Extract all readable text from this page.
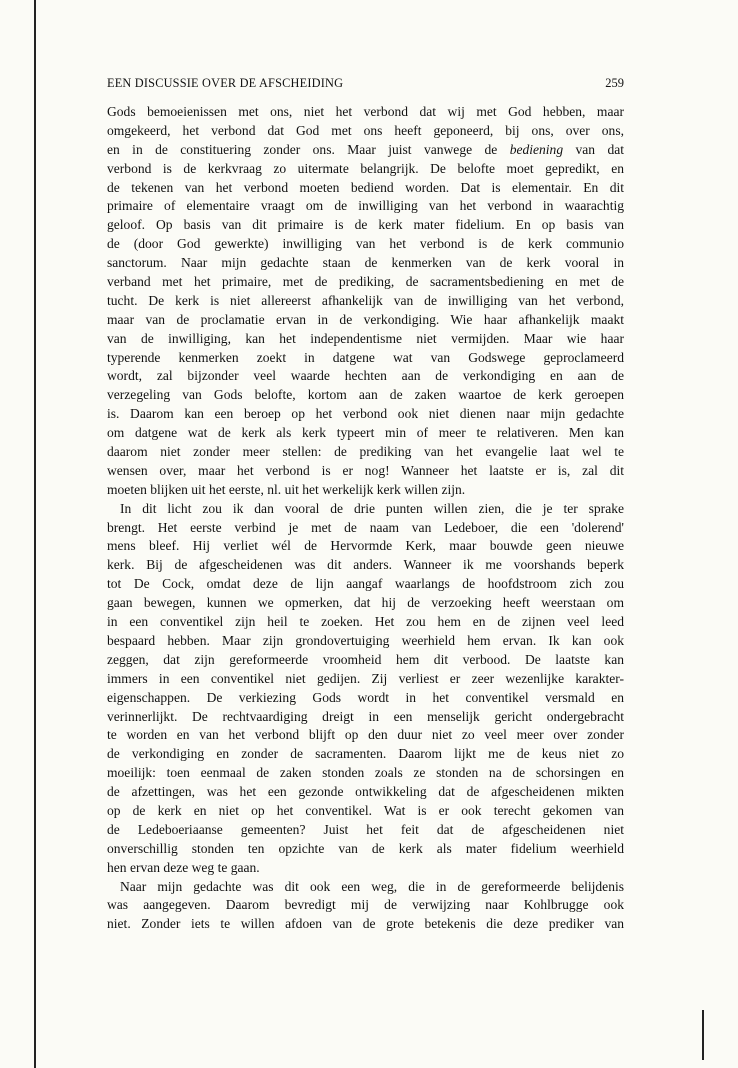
EEN DISCUSSIE OVER DE AFSCHEIDING	259
Gods bemoeienissen met ons, niet het verbond dat wij met God hebben, maar
omgekeerd, het verbond dat God met ons heeft geponeerd, bij ons, over ons,
en in de constituering zonder ons. Maar juist vanwege de bediening van dat
verbond is de kerkvraag zo uitermate belangrijk. De belofte moet gepredikt, en
de tekenen van het verbond moeten bediend worden. Dat is elementair. En dit
primaire of elementaire vraagt om de inwilliging van het verbond in waarachtig
geloof. Op basis van dit primaire is de kerk mater fidelium. En op basis van
de (door God gewerkte) inwilliging van het verbond is de kerk communio
sanctorum. Naar mijn gedachte staan de kenmerken van de kerk vooral in
verband met het primaire, met de prediking, de sacramentsbediening en met de
tucht. De kerk is niet allereerst afhankelijk van de inwilliging van het verbond,
maar van de proclamatie ervan in de verkondiging. Wie haar afhankelijk maakt
van de inwilliging, kan het independentisme niet vermijden. Maar wie haar
typerende kenmerken zoekt in datgene wat van Godswege geproclameerd
wordt, zal bijzonder veel waarde hechten aan de verkondiging en aan de
verzegeling van Gods belofte, kortom aan de zaken waartoe de kerk geroepen
is. Daarom kan een beroep op het verbond ook niet dienen naar mijn gedachte
om datgene wat de kerk als kerk typeert min of meer te relativeren. Men kan
daarom niet zonder meer stellen: de prediking van het evangelie laat wel te
wensen over, maar het verbond is er nog! Wanneer het laatste er is, zal dit
moeten blijken uit het eerste, nl. uit het werkelijk kerk willen zijn.
In dit licht zou ik dan vooral de drie punten willen zien, die je ter sprake
brengt. Het eerste verbind je met de naam van Ledeboer, die een 'dolerend'
mens bleef. Hij verliet wél de Hervormde Kerk, maar bouwde geen nieuwe
kerk. Bij de afgescheidenen was dit anders. Wanneer ik me voorshands beperk
tot De Cock, omdat deze de lijn aangaf waarlangs de hoofdstroom zich zou
gaan bewegen, kunnen we opmerken, dat hij de verzoeking heeft weerstaan om
in een conventikel zijn heil te zoeken. Het zou hem en de zijnen veel leed
bespaard hebben. Maar zijn grondovertuiging weerhield hem ervan. Ik kan ook
zeggen, dat zijn gereformeerde vroomheid hem dit verbood. De laatste kan
immers in een conventikel niet gedijen. Zij verliest er zeer wezenlijke karakter-
eigenschappen. De verkiezing Gods wordt in het conventikel versmald en
verinnerlijkt. De rechtvaardiging dreigt in een menselijk gericht ondergebracht
te worden en van het verbond blijft op den duur niet zo veel meer over zonder
de verkondiging en zonder de sacramenten. Daarom lijkt me de keus niet zo
moeilijk: toen eenmaal de zaken stonden zoals ze stonden na de schorsingen en
de afzettingen, was het een gezonde ontwikkeling dat de afgescheidenen mikten
op de kerk en niet op het conventikel. Wat is er ook terecht gekomen van
de Ledeboeriaanse gemeenten? Juist het feit dat de afgescheidenen niet
onverschillig stonden ten opzichte van de kerk als mater fidelium weerhield
hen ervan deze weg te gaan.
Naar mijn gedachte was dit ook een weg, die in de gereformeerde belijdenis
was aangegeven. Daarom bevredigt mij de verwijzing naar Kohlbrugge ook
niet. Zonder iets te willen afdoen van de grote betekenis die deze prediker van
